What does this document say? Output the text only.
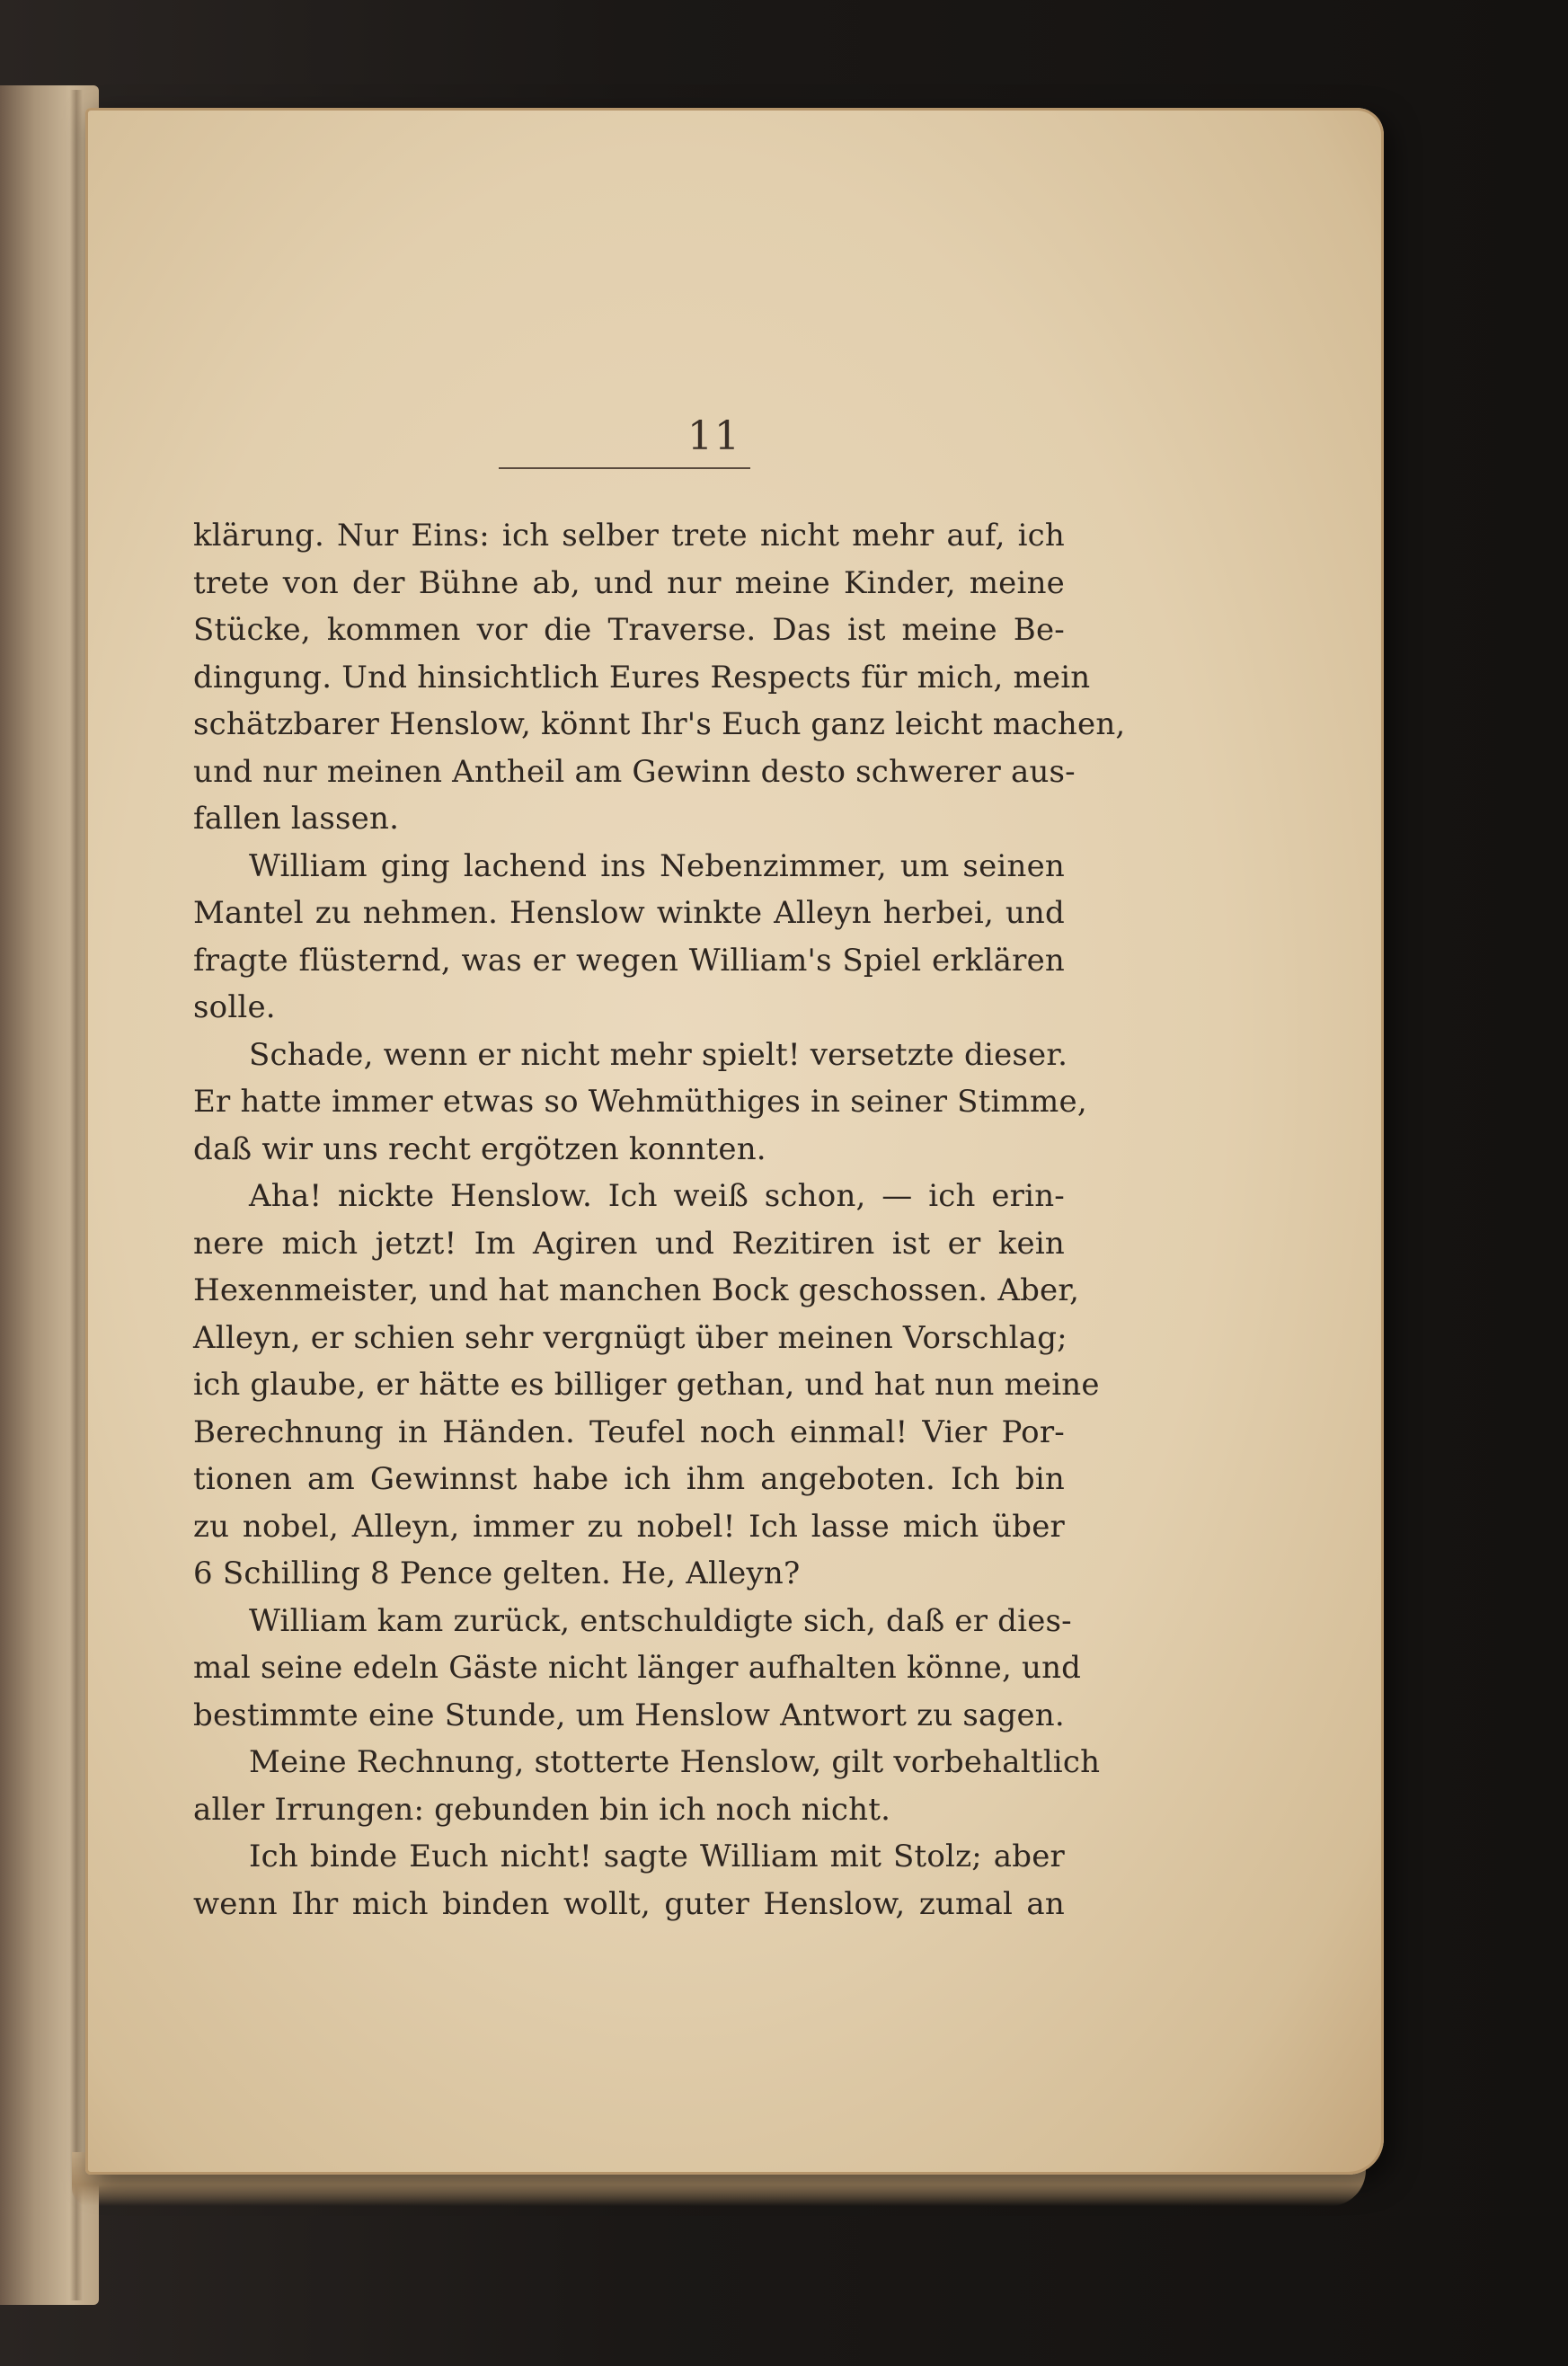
11
klärung. Nur Eins: ich selber trete nicht mehr auf, ich
trete von der Bühne ab, und nur meine Kinder, meine
Stücke, kommen vor die Traverse. Das ist meine Be-
dingung. Und hinsichtlich Eures Respects für mich, mein
schätzbarer Henslow, könnt Ihr's Euch ganz leicht machen,
und nur meinen Antheil am Gewinn desto schwerer aus-
fallen lassen.
William ging lachend ins Nebenzimmer, um seinen
Mantel zu nehmen. Henslow winkte Alleyn herbei, und
fragte flüsternd, was er wegen William's Spiel erklären
solle.
Schade, wenn er nicht mehr spielt! versetzte dieser.
Er hatte immer etwas so Wehmüthiges in seiner Stimme,
daß wir uns recht ergötzen konnten.
Aha! nickte Henslow. Ich weiß schon, — ich erin-
nere mich jetzt! Im Agiren und Rezitiren ist er kein
Hexenmeister, und hat manchen Bock geschossen. Aber,
Alleyn, er schien sehr vergnügt über meinen Vorschlag;
ich glaube, er hätte es billiger gethan, und hat nun meine
Berechnung in Händen. Teufel noch einmal! Vier Por-
tionen am Gewinnst habe ich ihm angeboten. Ich bin
zu nobel, Alleyn, immer zu nobel! Ich lasse mich über
6 Schilling 8 Pence gelten. He, Alleyn?
William kam zurück, entschuldigte sich, daß er dies-
mal seine edeln Gäste nicht länger aufhalten könne, und
bestimmte eine Stunde, um Henslow Antwort zu sagen.
Meine Rechnung, stotterte Henslow, gilt vorbehaltlich
aller Irrungen: gebunden bin ich noch nicht.
Ich binde Euch nicht! sagte William mit Stolz; aber
wenn Ihr mich binden wollt, guter Henslow, zumal an
